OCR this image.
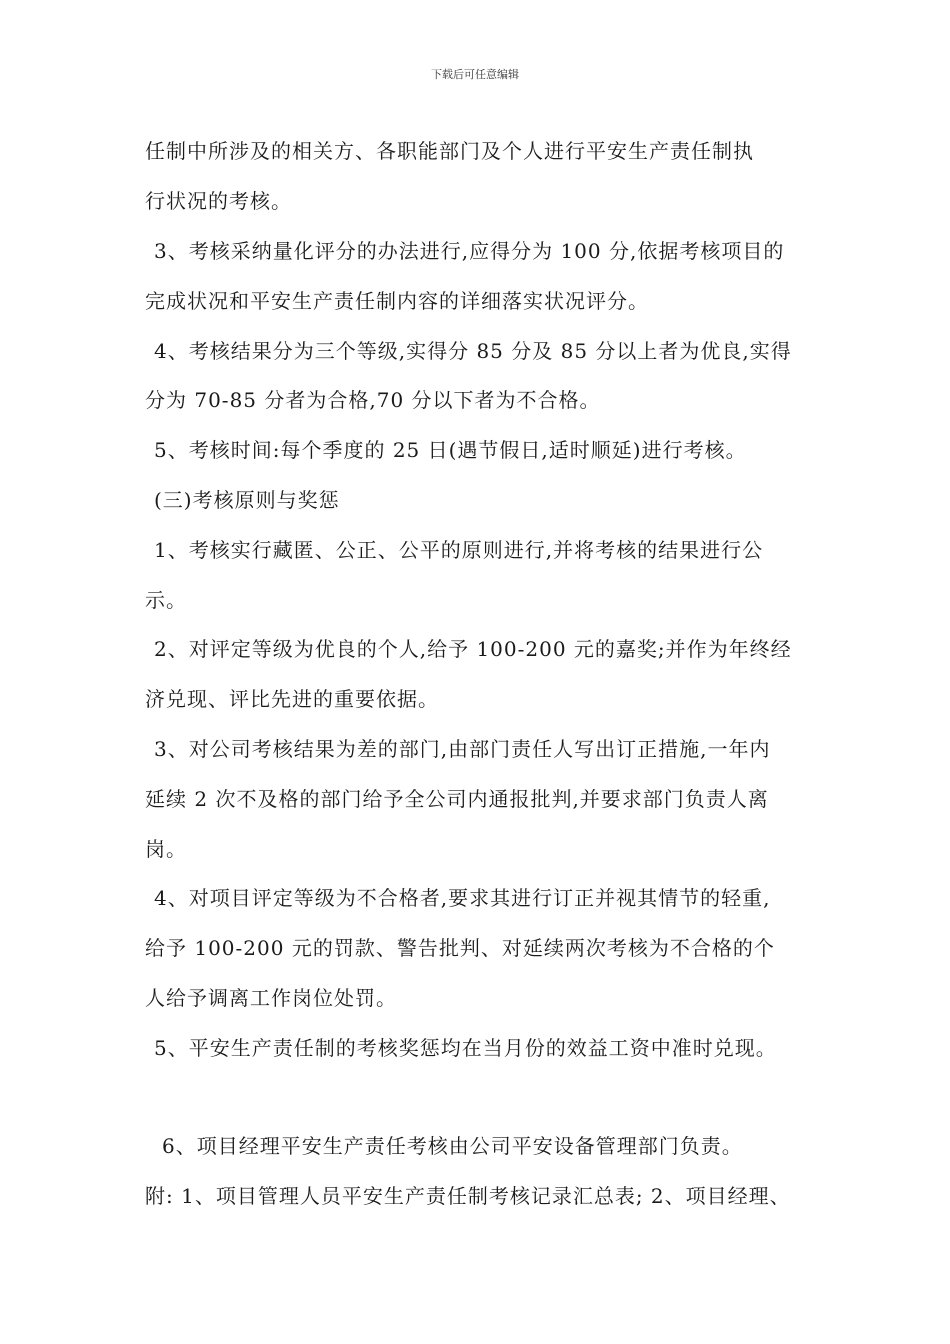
下载后可任意编辑
任制中所涉及的相关方、各职能部门及个人进行平安生产责任制执
行状况的考核。
3、考核采纳量化评分的办法进行,应得分为 100 分,依据考核项目的
完成状况和平安生产责任制内容的详细落实状况评分。
4、考核结果分为三个等级,实得分 85 分及 85 分以上者为优良,实得
分为 70-85 分者为合格,70 分以下者为不合格。
5、考核时间:每个季度的 25 日(遇节假日,适时顺延)进行考核。
(三)考核原则与奖惩
1、考核实行藏匿、公正、公平的原则进行,并将考核的结果进行公
示。
2、对评定等级为优良的个人,给予 100-200 元的嘉奖;并作为年终经
济兑现、评比先进的重要依据。
3、对公司考核结果为差的部门,由部门责任人写出订正措施,一年内
延续 2 次不及格的部门给予全公司内通报批判,并要求部门负责人离
岗。
4、对项目评定等级为不合格者,要求其进行订正并视其情节的轻重,
给予 100-200 元的罚款、警告批判、对延续两次考核为不合格的个
人给予调离工作岗位处罚。
5、平安生产责任制的考核奖惩均在当月份的效益工资中准时兑现。
6、项目经理平安生产责任考核由公司平安设备管理部门负责。
附: 1、项目管理人员平安生产责任制考核记录汇总表; 2、项目经理、
